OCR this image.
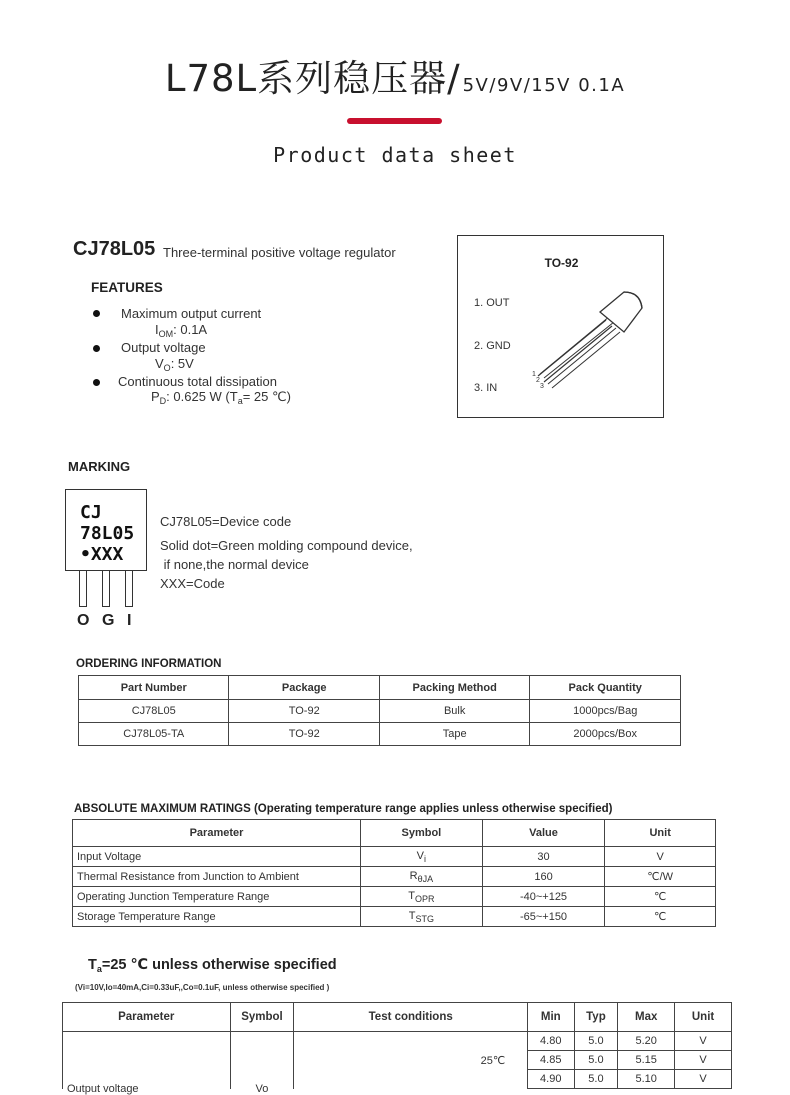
L78L系列稳压器/ 5V/9V/15V 0.1A
Product data sheet
CJ78L05 Three-terminal positive voltage regulator
FEATURES
Maximum output current
$I_{OM}$: 0.1A
Output voltage
$V_O$: 5V
Continuous total dissipation
$P_D$: 0.625 W ($T_a= 25$ ℃)
TO-92
1. OUT
2. GND
3. IN
1
2
3
MARKING
CJ
78L05
•XXX
O G I
CJ78L05=Device code
Solid dot=Green molding compound device,
if none,the normal device
XXX=Code
ORDERING INFORMATION
Part Number	Package	Packing Method	Pack Quantity
CJ78L05	TO-92	Bulk	1000pcs/Bag
CJ78L05-TA	TO-92	Tape	2000pcs/Box
ABSOLUTE MAXIMUM RATINGS (Operating temperature range applies unless otherwise specified)
Parameter	Symbol	Value	Unit
Input Voltage	$V_i$	30	V
Thermal Resistance from Junction to Ambient	$R_{\theta JA}$	160	℃/W
Operating Junction Temperature Range	$T_{OPR}$	-40~+125	℃
Storage Temperature Range	$T_{STG}$	-65~+150	℃
$T_a=25$ ℃ unless otherwise specified
(Vi=10V,Io=40mA,Ci=0.33uF,,Co=0.1uF, unless otherwise specified )
Parameter	Symbol	Test conditions		Min	Typ	Max	Unit
Output voltage	Vo		25℃	4.80	5.0	5.20	V
				4.85	5.0	5.15	V
				4.90	5.0	5.10	V
